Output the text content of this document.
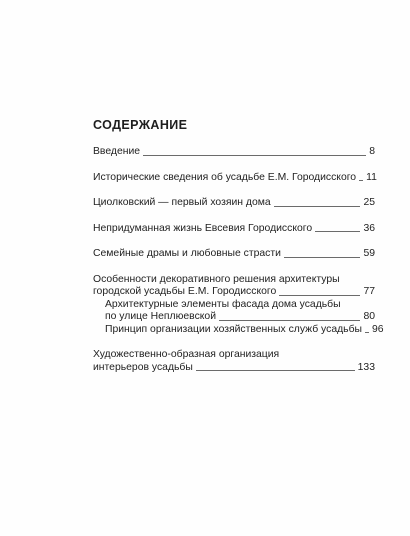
СОДЕРЖАНИЕ
Введение	8
Исторические сведения об усадьбе Е.М. Городисского 11
Циолковский — первый хозяин дома	25
Непридуманная жизнь Евсевия Городисского	36
Семейные драмы и любовные страсти	59
Особенности декоративного решения архитектуры
городской усадьбы Е.М. Городисского	77
Архитектурные элементы фасада дома усадьбы
по улице Неплюевской	80
Принцип организации хозяйственных служб усадьбы 96
Художественно-образная организация
интерьеров усадьбы	133
